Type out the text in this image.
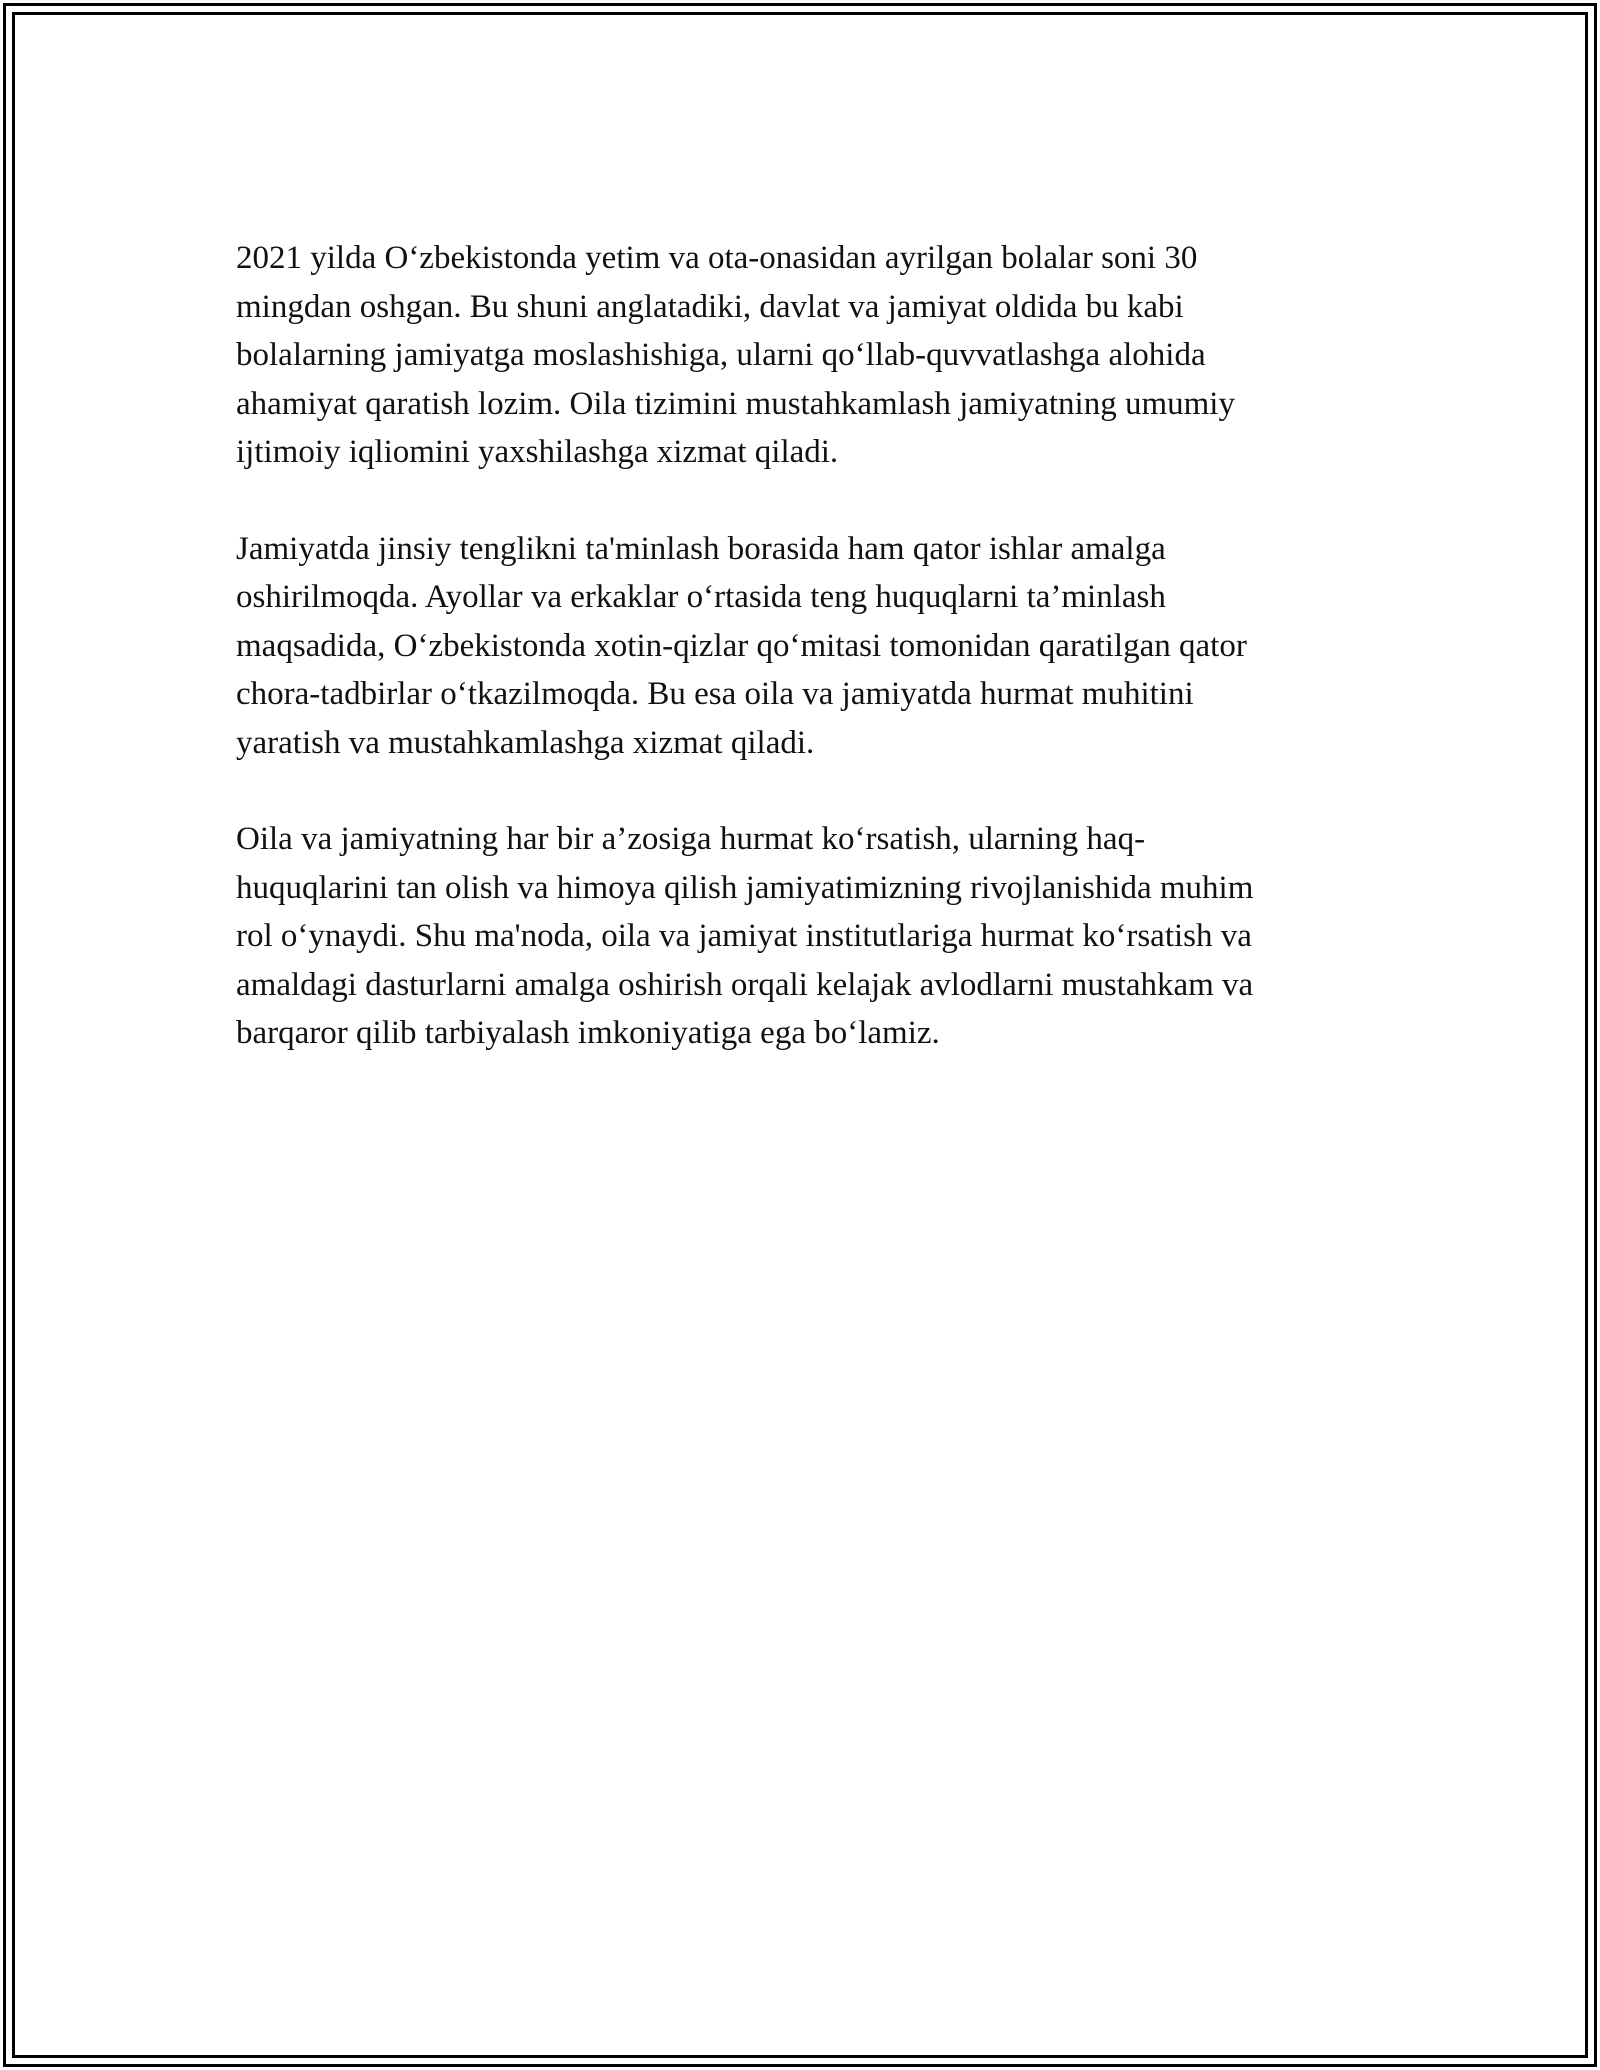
2021 yilda O‘zbekistonda yetim va ota-onasidan ayrilgan bolalar soni 30
mingdan oshgan. Bu shuni anglatadiki, davlat va jamiyat oldida bu kabi
bolalarning jamiyatga moslashishiga, ularni qo‘llab-quvvatlashga alohida
ahamiyat qaratish lozim. Oila tizimini mustahkamlash jamiyatning umumiy
ijtimoiy iqliomini yaxshilashga xizmat qiladi.

Jamiyatda jinsiy tenglikni ta'minlash borasida ham qator ishlar amalga
oshirilmoqda. Ayollar va erkaklar o‘rtasida teng huquqlarni ta’minlash
maqsadida, O‘zbekistonda xotin-qizlar qo‘mitasi tomonidan qaratilgan qator
chora-tadbirlar o‘tkazilmoqda. Bu esa oila va jamiyatda hurmat muhitini
yaratish va mustahkamlashga xizmat qiladi.

Oila va jamiyatning har bir a’zosiga hurmat ko‘rsatish, ularning haq-
huquqlarini tan olish va himoya qilish jamiyatimizning rivojlanishida muhim
rol o‘ynaydi. Shu ma'noda, oila va jamiyat institutlariga hurmat ko‘rsatish va
amaldagi dasturlarni amalga oshirish orqali kelajak avlodlarni mustahkam va
barqaror qilib tarbiyalash imkoniyatiga ega bo‘lamiz.
